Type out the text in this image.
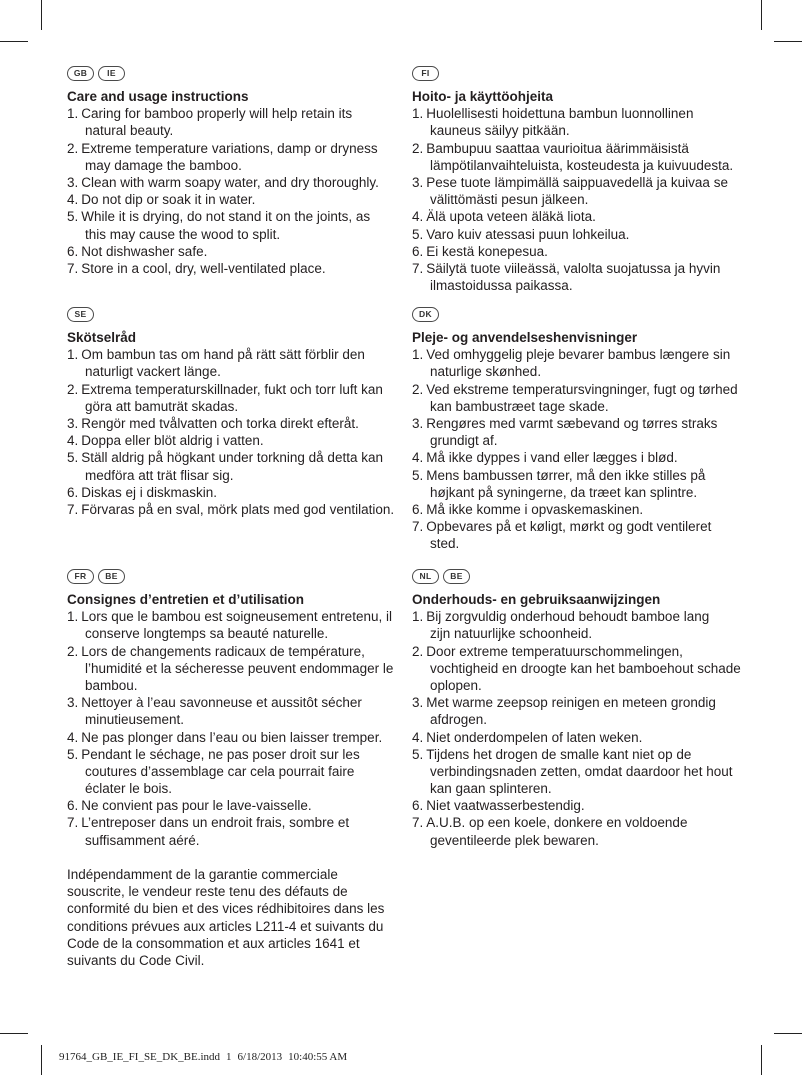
GB	IE
Care and usage instructions
1. Caring for bamboo properly will help retain its
natural beauty.
2. Extreme temperature variations, damp or dryness
may damage the bamboo.
3. Clean with warm soapy water, and dry thoroughly.
4. Do not dip or soak it in water.
5. While it is drying, do not stand it on the joints, as
this may cause the wood to split.
6. Not dishwasher safe.
7. Store in a cool, dry, well-ventilated place.
FI
Hoito- ja käyttöohjeita
1. Huolellisesti hoidettuna bambun luonnollinen
kauneus säilyy pitkään.
2. Bambupuu saattaa vaurioitua äärimmäisistä
lämpötilanvaihteluista, kosteudesta ja kuivuudesta.
3. Pese tuote lämpimällä saippuavedellä ja kuivaa se
välittömästi pesun jälkeen.
4. Älä upota veteen äläkä liota.
5. Varo kuiv atessasi puun lohkeilua.
6. Ei kestä konepesua.
7. Säilytä tuote viileässä, valolta suojatussa ja hyvin
ilmastoidussa paikassa.
SE
Skötselråd
1. Om bambun tas om hand på rätt sätt förblir den
naturligt vackert länge.
2. Extrema temperaturskillnader, fukt och torr luft kan
göra att bamuträt skadas.
3. Rengör med tvålvatten och torka direkt efteråt.
4. Doppa eller blöt aldrig i vatten.
5. Ställ aldrig på högkant under torkning då detta kan
medföra att trät flisar sig.
6. Diskas ej i diskmaskin.
7. Förvaras på en sval, mörk plats med god ventilation.
DK
Pleje- og anvendelseshenvisninger
1. Ved omhyggelig pleje bevarer bambus længere sin
naturlige skønhed.
2. Ved ekstreme temperatursvingninger, fugt og tørhed
kan bambustræet tage skade.
3. Rengøres med varmt sæbevand og tørres straks
grundigt af.
4. Må ikke dyppes i vand eller lægges i blød.
5. Mens bambussen tørrer, må den ikke stilles på
højkant på syningerne, da træet kan splintre.
6. Må ikke komme i opvaskemaskinen.
7. Opbevares på et køligt, mørkt og godt ventileret
sted.
FR	BE
Consignes d’entretien et d’utilisation
1. Lors que le bambou est soigneusement entretenu, il
conserve longtemps sa beauté naturelle.
2. Lors de changements radicaux de température,
l’humidité et la sécheresse peuvent endommager le
bambou.
3. Nettoyer à l’eau savonneuse et aussitôt sécher
minutieusement.
4. Ne pas plonger dans l’eau ou bien laisser tremper.
5. Pendant le séchage, ne pas poser droit sur les
coutures d’assemblage car cela pourrait faire
éclater le bois.
6. Ne convient pas pour le lave-vaisselle.
7. L’entreposer dans un endroit frais, sombre et
suffisamment aéré.
Indépendamment de la garantie commerciale
souscrite, le vendeur reste tenu des défauts de
conformité du bien et des vices rédhibitoires dans les
conditions prévues aux articles L211-4 et suivants du
Code de la consommation et aux articles 1641 et
suivants du Code Civil.
NL	BE
Onderhouds- en gebruiksaanwijzingen
1. Bij zorgvuldig onderhoud behoudt bamboe lang
zijn natuurlijke schoonheid.
2. Door extreme temperatuurschommelingen,
vochtigheid en droogte kan het bamboehout schade
oplopen.
3. Met warme zeepsop reinigen en meteen grondig
afdrogen.
4. Niet onderdompelen of laten weken.
5. Tijdens het drogen de smalle kant niet op de
verbindingsnaden zetten, omdat daardoor het hout
kan gaan splinteren.
6. Niet vaatwasserbestendig.
7. A.U.B. op een koele, donkere en voldoende
geventileerde plek bewaren.
91764_GB_IE_FI_SE_DK_BE.indd 1 6/18/2013 10:40:55 AM
